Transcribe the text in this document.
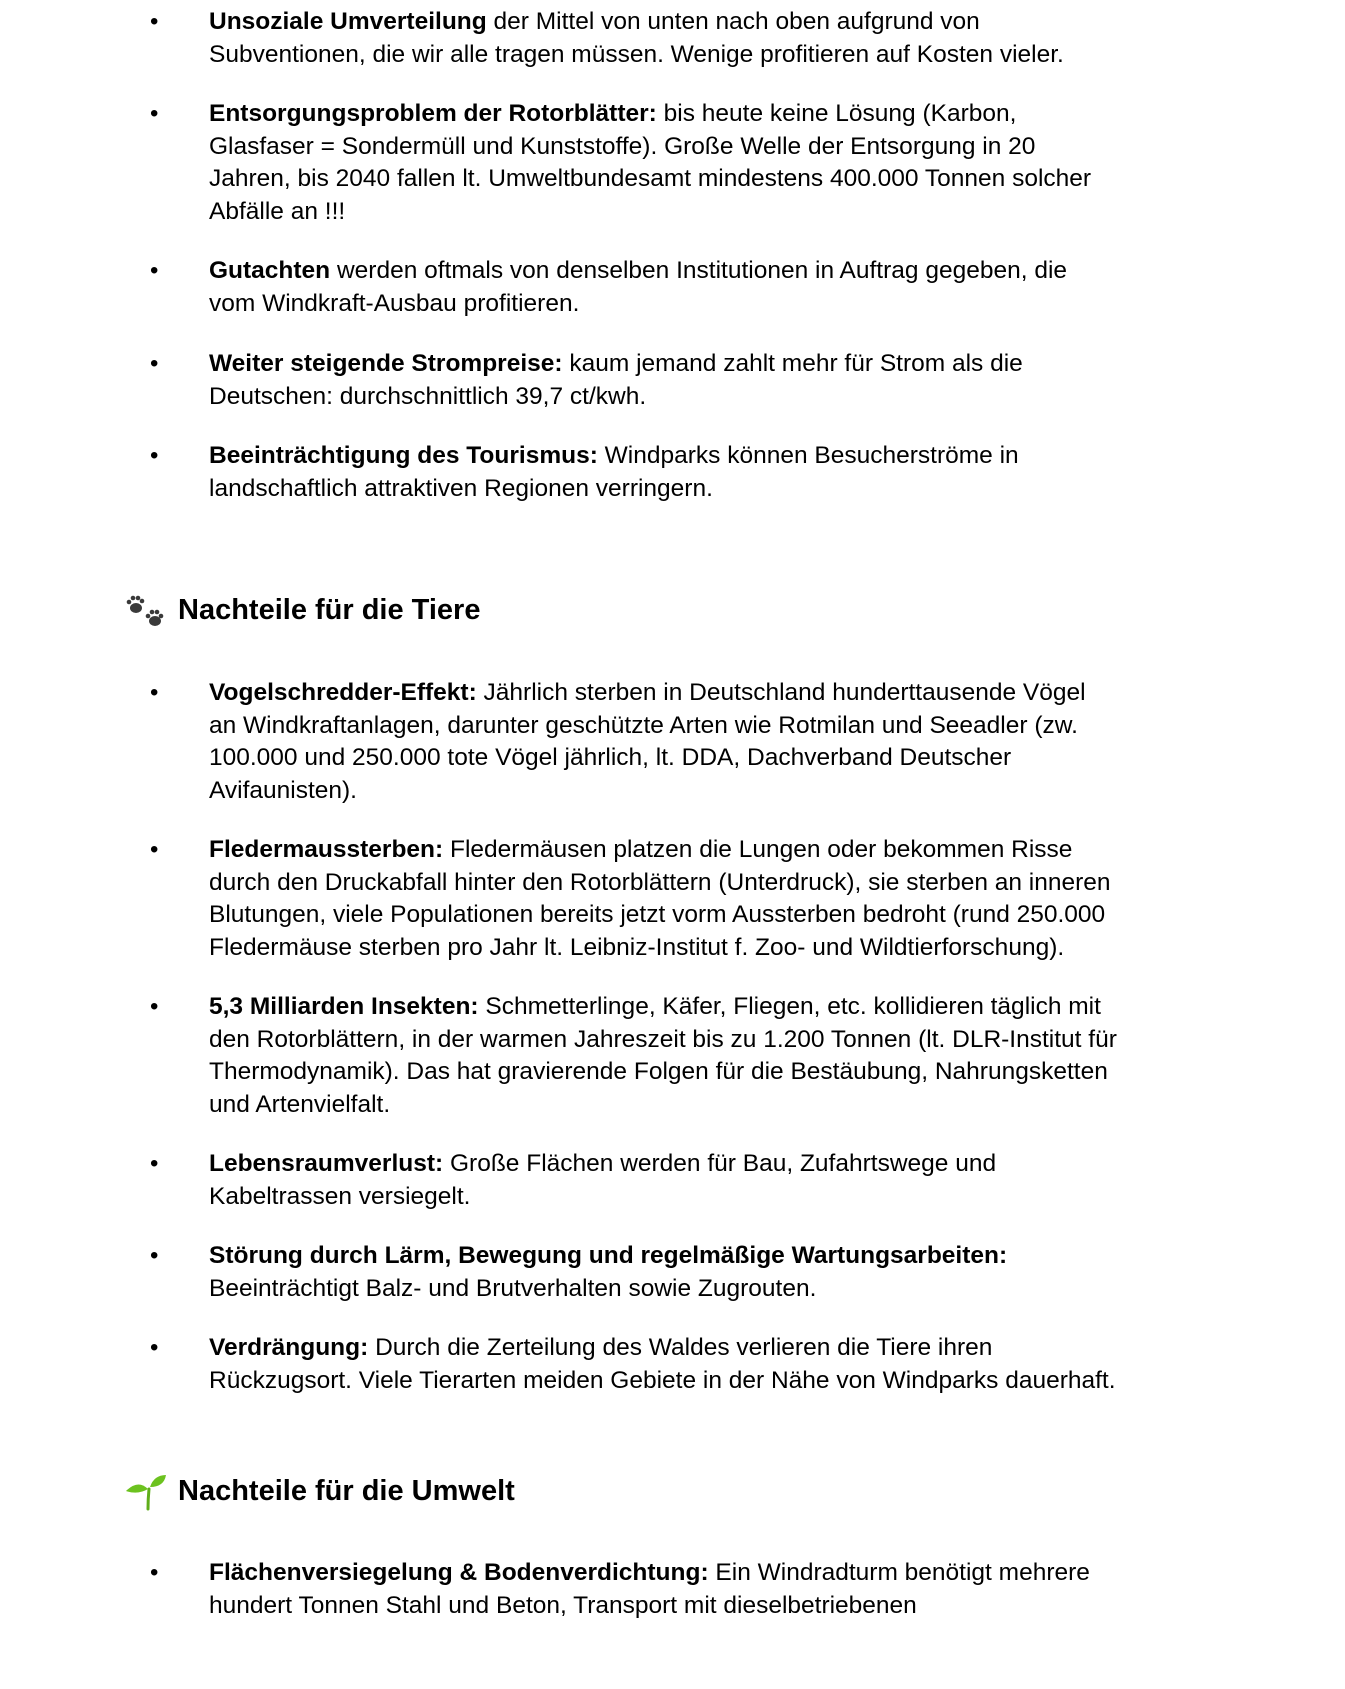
• Unsoziale Umverteilung der Mittel von unten nach oben aufgrund von
Subventionen, die wir alle tragen müssen. Wenige profitieren auf Kosten vieler.
• Entsorgungsproblem der Rotorblätter: bis heute keine Lösung (Karbon,
Glasfaser = Sondermüll und Kunststoffe). Große Welle der Entsorgung in 20
Jahren, bis 2040 fallen lt. Umweltbundesamt mindestens 400.000 Tonnen solcher
Abfälle an !!!
• Gutachten werden oftmals von denselben Institutionen in Auftrag gegeben, die
vom Windkraft-Ausbau profitieren.
• Weiter steigende Strompreise: kaum jemand zahlt mehr für Strom als die
Deutschen: durchschnittlich 39,7 ct/kwh.
• Beeinträchtigung des Tourismus: Windparks können Besucherströme in
landschaftlich attraktiven Regionen verringern.
Nachteile für die Tiere
• Vogelschredder-Effekt: Jährlich sterben in Deutschland hunderttausende Vögel
an Windkraftanlagen, darunter geschützte Arten wie Rotmilan und Seeadler (zw.
100.000 und 250.000 tote Vögel jährlich, lt. DDA, Dachverband Deutscher
Avifaunisten).
• Fledermaussterben: Fledermäusen platzen die Lungen oder bekommen Risse
durch den Druckabfall hinter den Rotorblättern (Unterdruck), sie sterben an inneren
Blutungen, viele Populationen bereits jetzt vorm Aussterben bedroht (rund 250.000
Fledermäuse sterben pro Jahr lt. Leibniz-Institut f. Zoo- und Wildtierforschung).
• 5,3 Milliarden Insekten: Schmetterlinge, Käfer, Fliegen, etc. kollidieren täglich mit
den Rotorblättern, in der warmen Jahreszeit bis zu 1.200 Tonnen (lt. DLR-Institut für
Thermodynamik). Das hat gravierende Folgen für die Bestäubung, Nahrungsketten
und Artenvielfalt.
• Lebensraumverlust: Große Flächen werden für Bau, Zufahrtswege und
Kabeltrassen versiegelt.
• Störung durch Lärm, Bewegung und regelmäßige Wartungsarbeiten:
Beeinträchtigt Balz- und Brutverhalten sowie Zugrouten.
• Verdrängung: Durch die Zerteilung des Waldes verlieren die Tiere ihren
Rückzugsort. Viele Tierarten meiden Gebiete in der Nähe von Windparks dauerhaft.
Nachteile für die Umwelt
• Flächenversiegelung & Bodenverdichtung: Ein Windradturm benötigt mehrere
hundert Tonnen Stahl und Beton, Transport mit dieselbetriebenen
